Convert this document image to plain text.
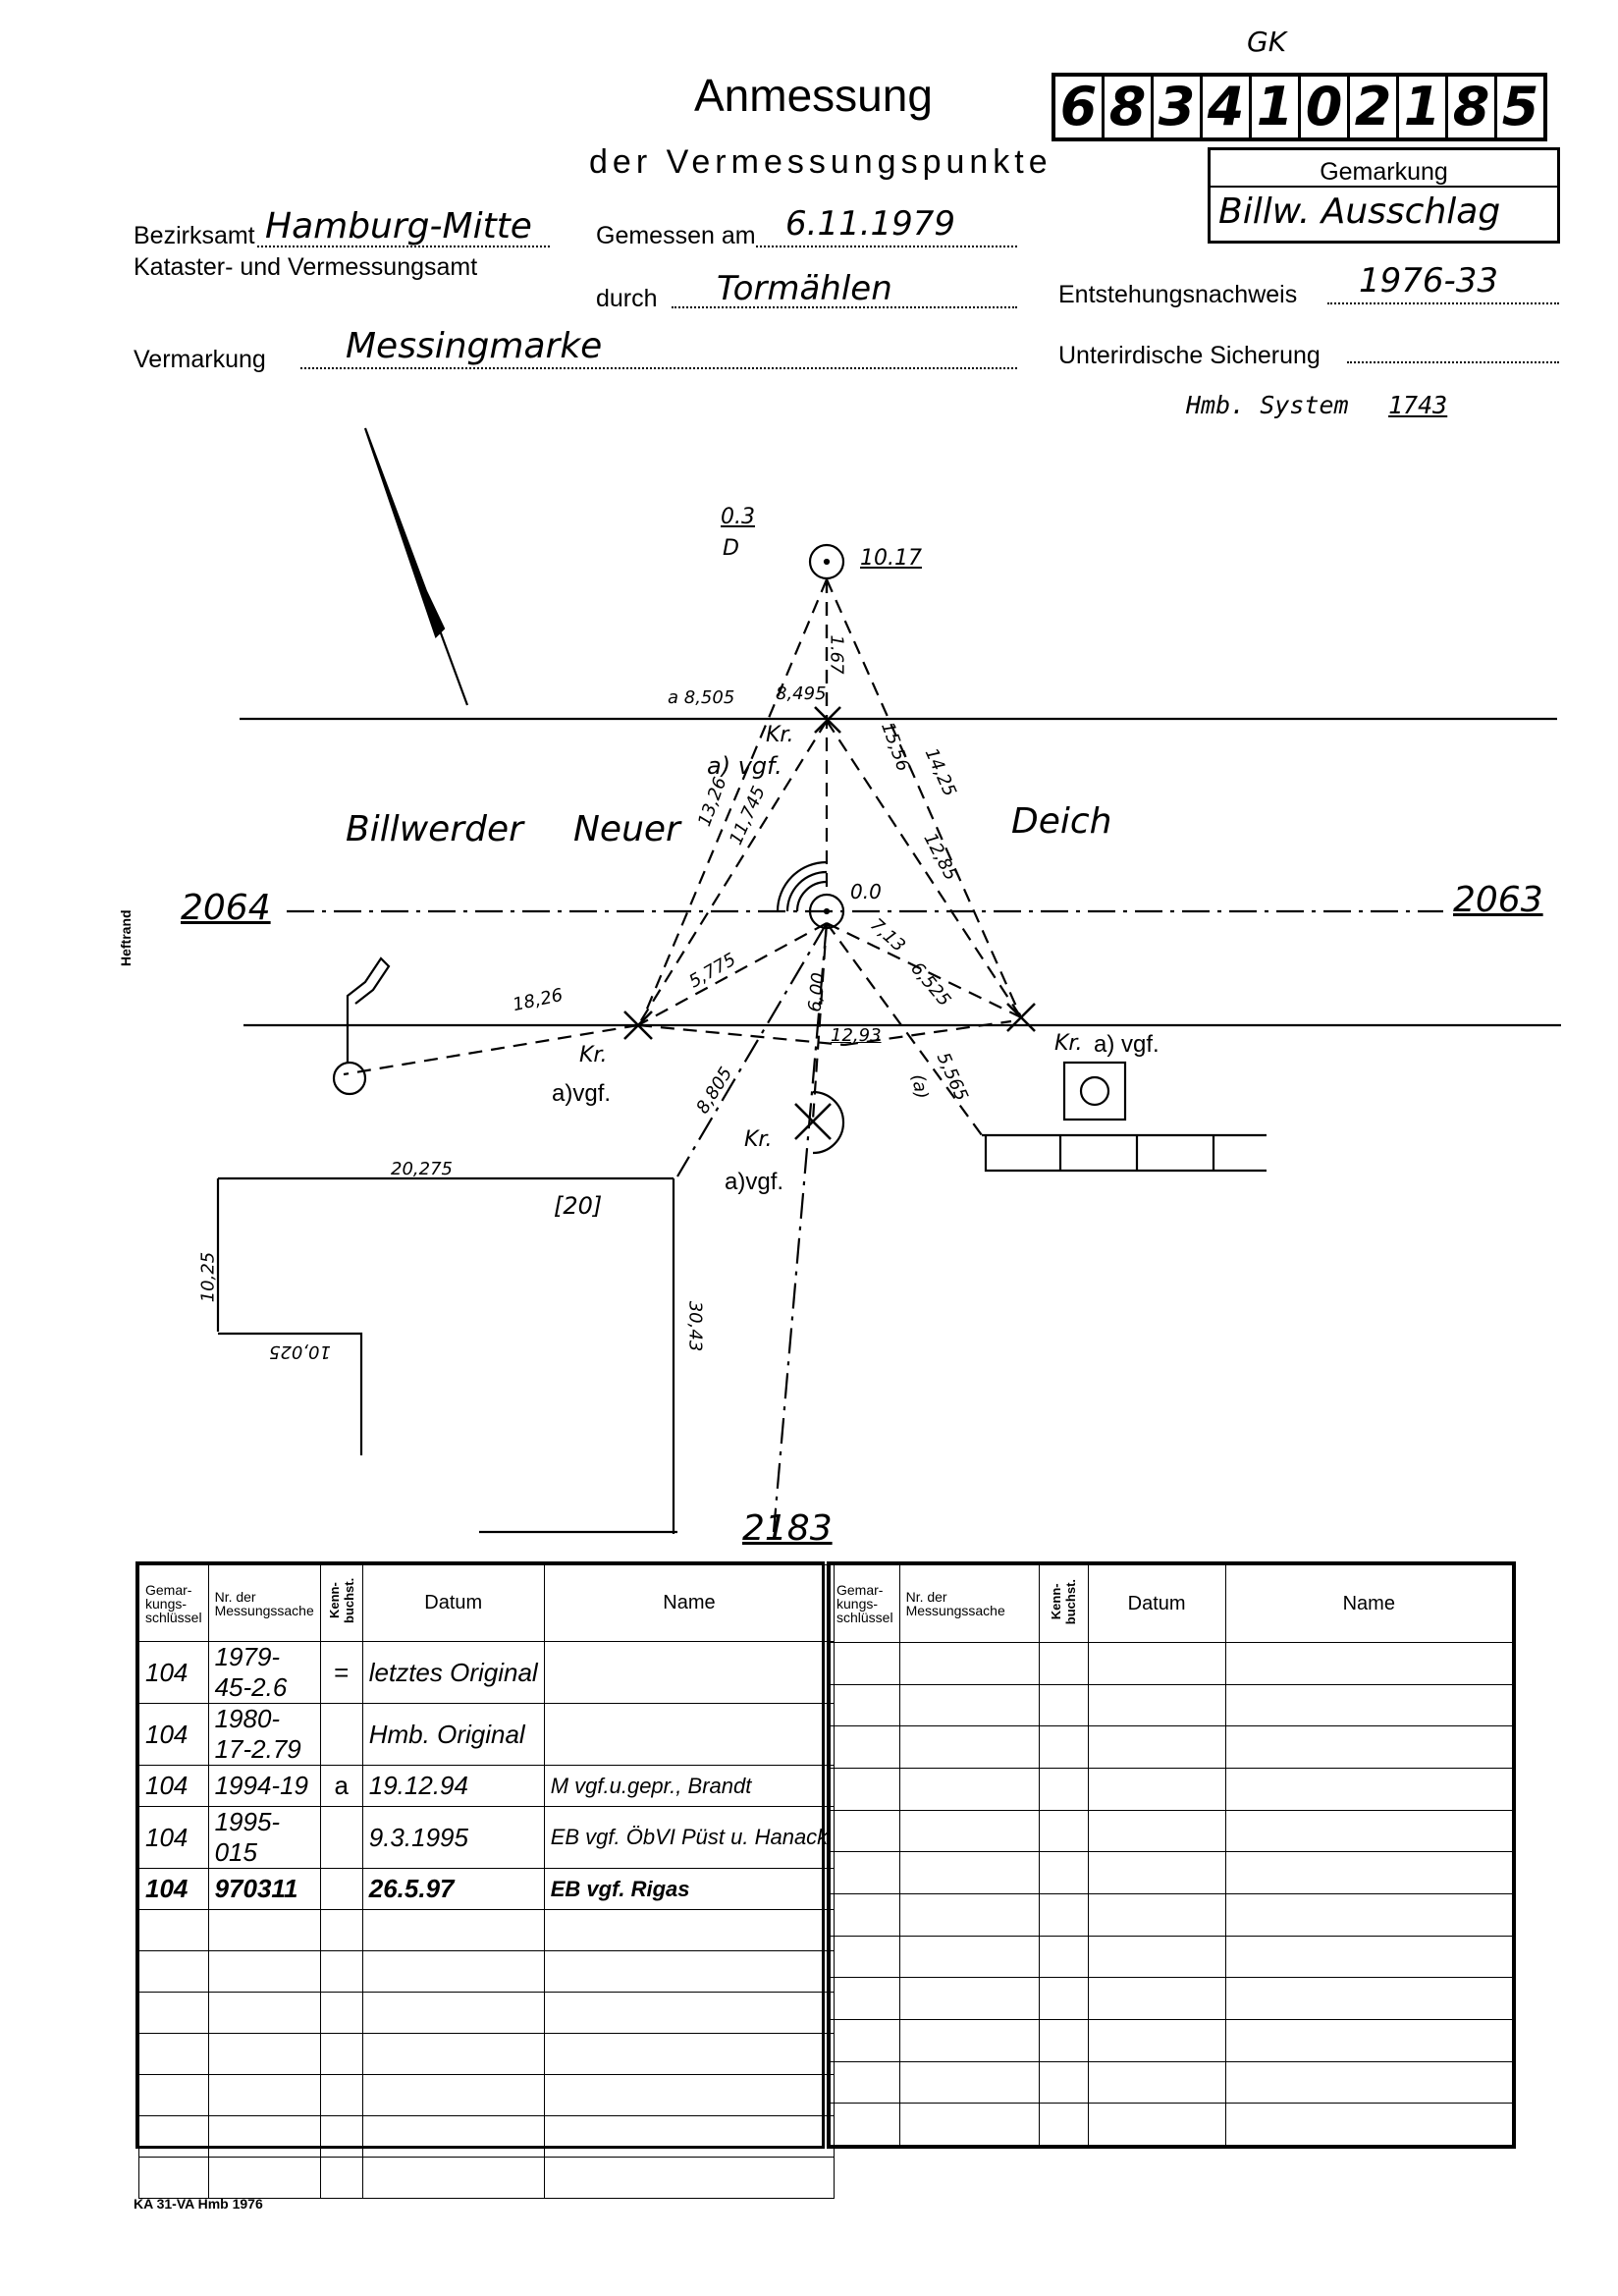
GK
Anmessung
der Vermessungspunkte
6 8 3 4 1 0 2 1 8 5
Gemarkung
Billw. Ausschlag
Bezirksamt Hamburg-Mitte
Kataster- und Vermessungsamt
Gemessen am 6.11.1979
durch Tormählen	Entstehungsnachweis 1976-33
Vermarkung Messingmarke	Unterirdische Sicherung
Hmb. System 1743
0.3
D	10.17
0.0
Billwerder Neuer	Deich
2064	2063
2183
Heftrand
Kr.
a) vgf.
Kr.
a)vgf.
Kr. a) vgf.
Kr.
a)vgf.
(a)
[20]
a 8,505 8,495
1.67
13,26
11,745
15,56 14,25
12,85
7,13
6,525
5,775
18,26	6,00
12,93
5,565
8,805
20,275
10,25
10,025
30,43
Gemar- kungs- schlüssel	Nr. der Messungssache	Kenn- buchst.	Datum	Name
104	1979-45-2.6	=	letztes Original	
104	1980-17-2.79		Hmb. Original	
104	1994-19	a	19.12.94	M vgf.u.gepr., Brandt
104	1995-015		9.3.1995	EB vgf. ÖbVI Püst u. Hanack
104	970311		26.5.97	EB vgf. Rigas

Gemar- kungs- schlüssel	Nr. der Messungssache	Kenn- buchst.	Datum	Name

KA 31-VA Hmb 1976
